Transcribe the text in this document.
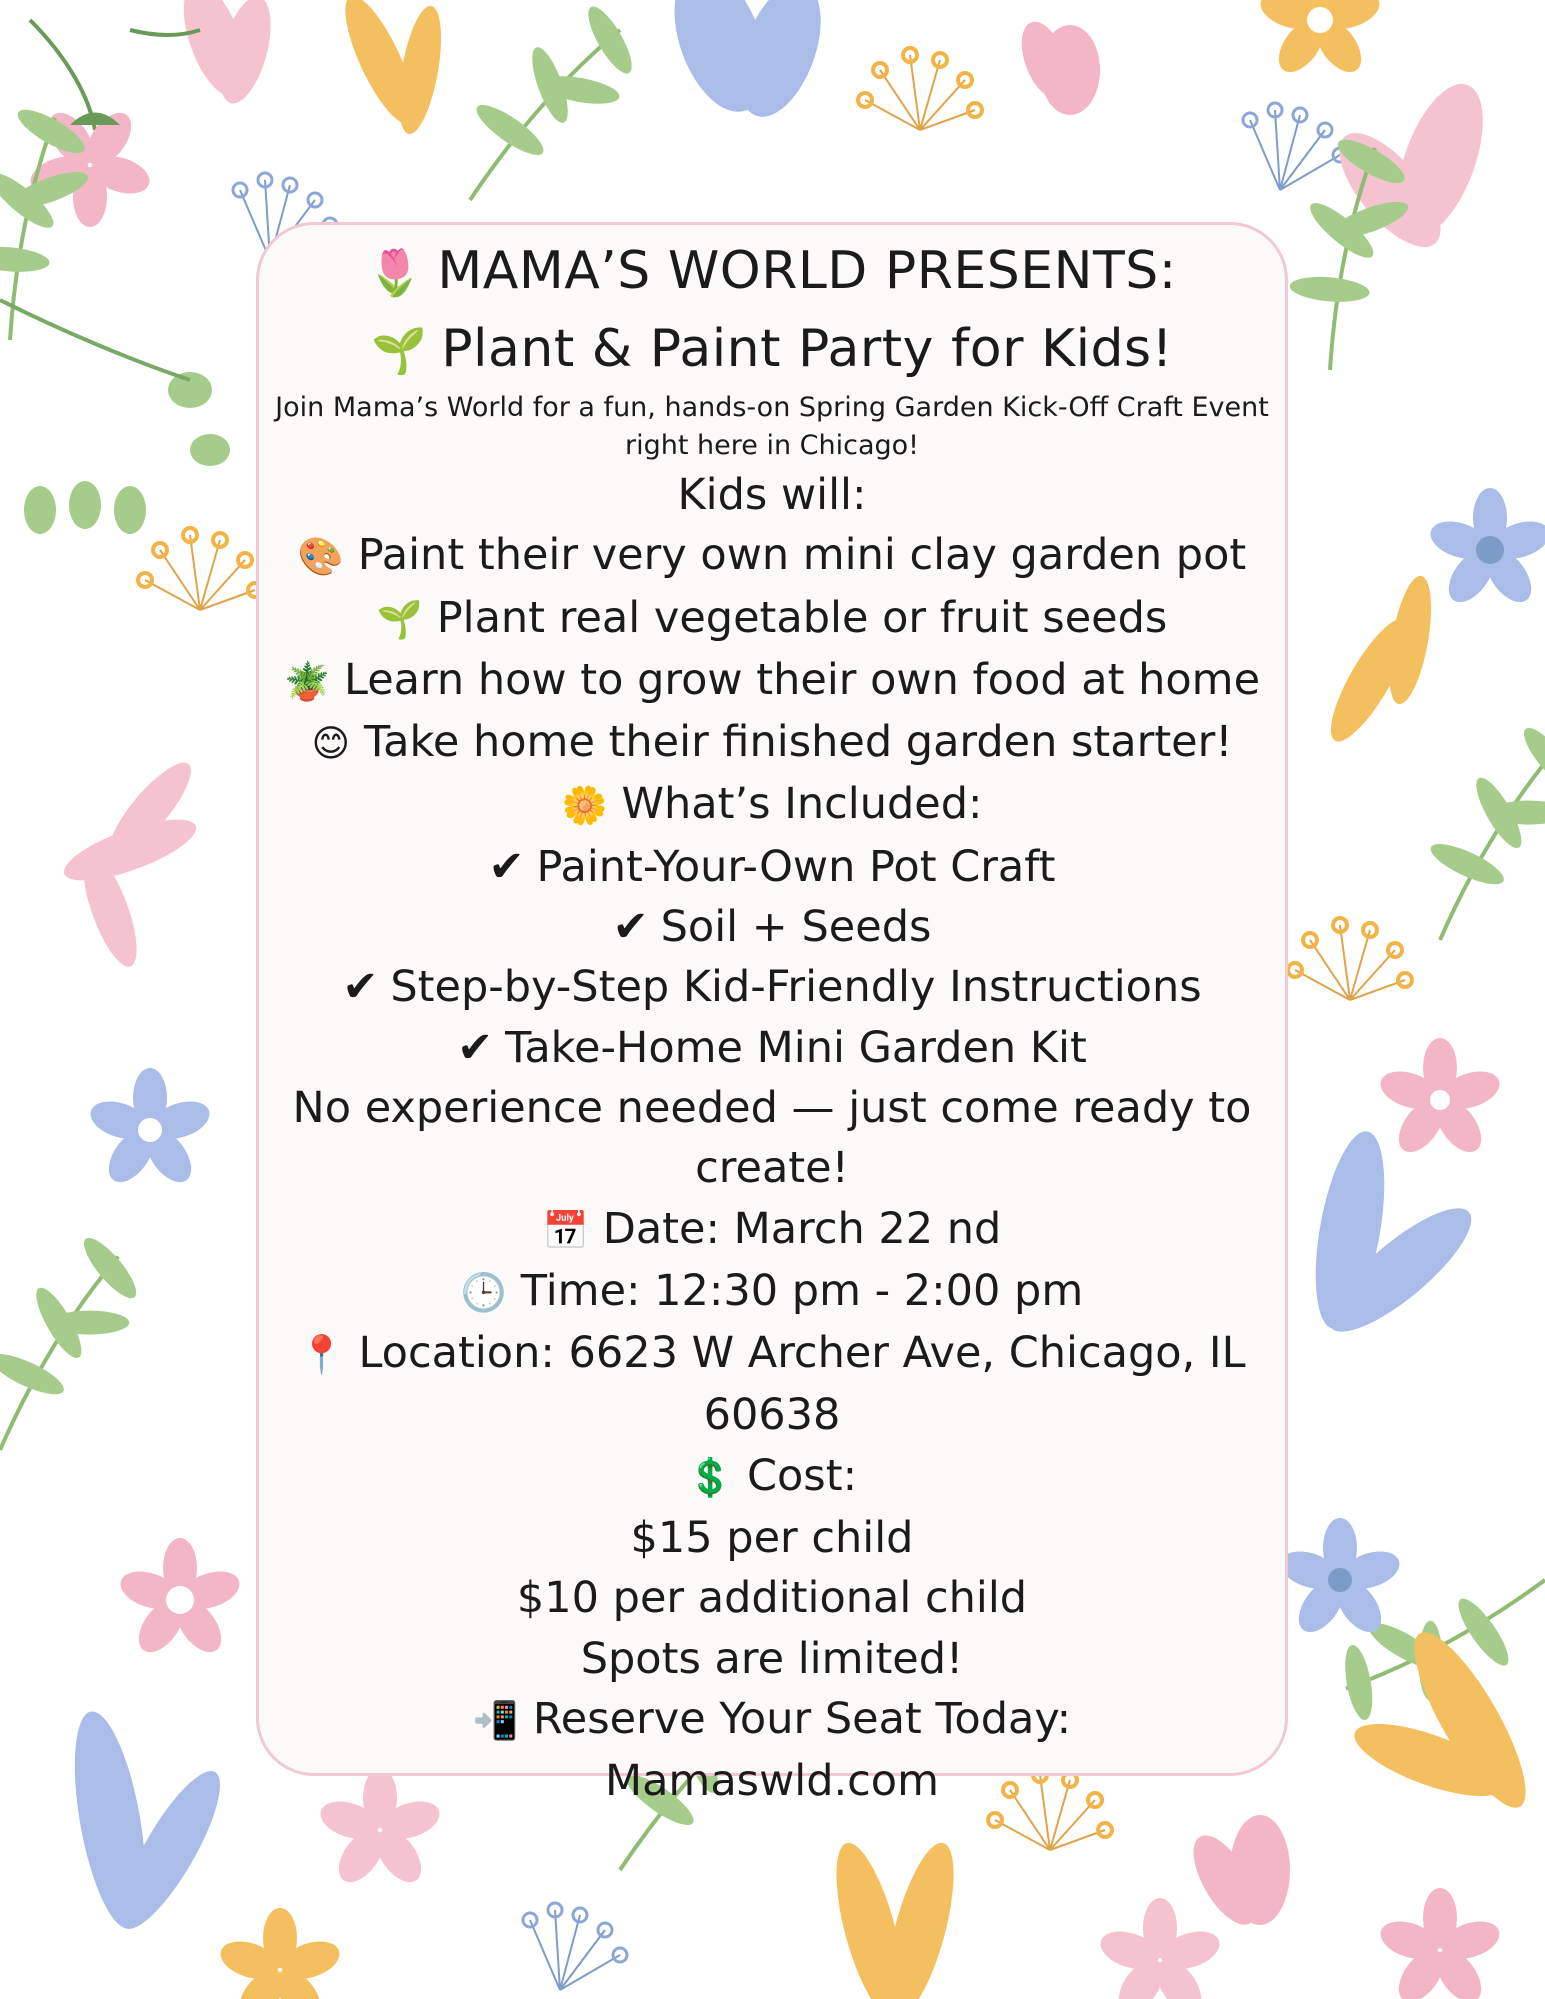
🌷 MAMA’S WORLD PRESENTS:

🌱 Plant & Paint Party for Kids!

Join Mama’s World for a fun, hands-on Spring Garden Kick-Off Craft Event right here in Chicago!

Kids will:

🎨 Paint their very own mini clay garden pot

🌱 Plant real vegetable or fruit seeds

🪴 Learn how to grow their own food at home

😊 Take home their finished garden starter!

🌼 What’s Included:

✔ Paint-Your-Own Pot Craft

✔ Soil + Seeds

✔ Step-by-Step Kid-Friendly Instructions

✔ Take-Home Mini Garden Kit

No experience needed — just come ready to

create!

📅 Date: March 22 nd

🕒 Time: 12:30 pm - 2:00 pm

📍 Location: 6623 W Archer Ave, Chicago, IL

60638

💲 Cost:

$15 per child

$10 per additional child

Spots are limited!

📲 Reserve Your Seat Today:

Mamaswld.com
